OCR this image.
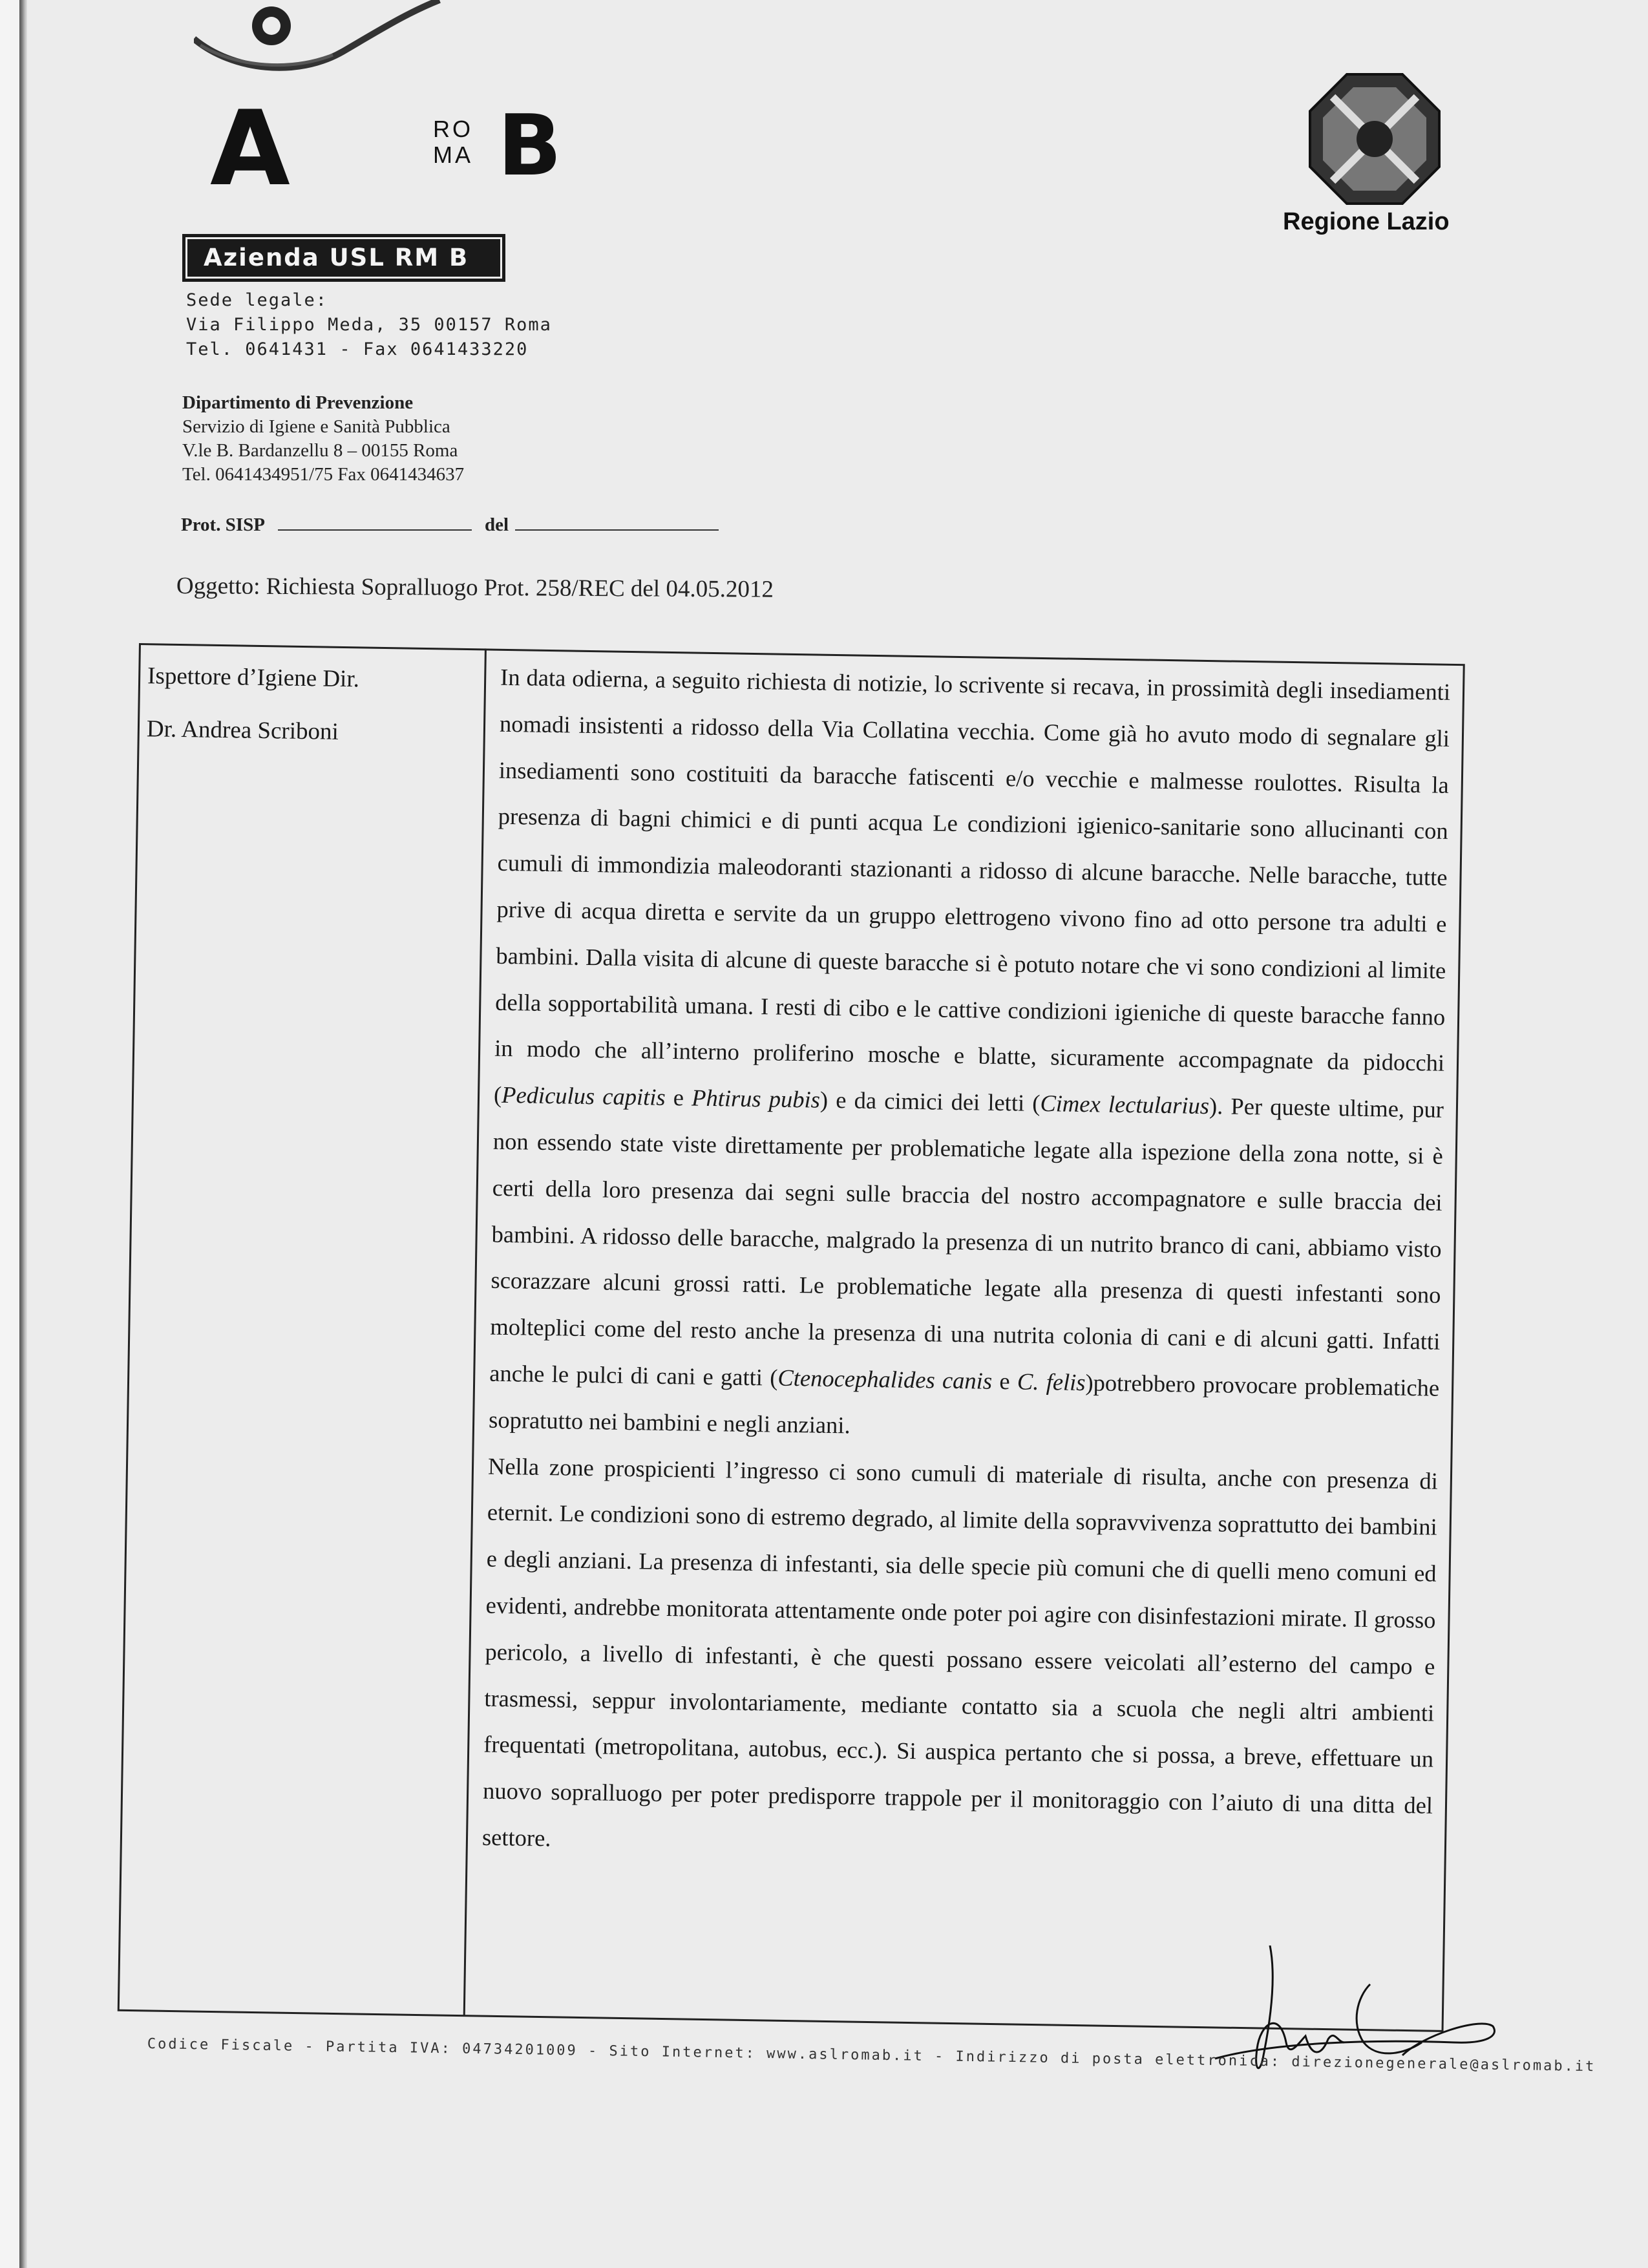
A	RO
MA B
Azienda USL RM B
Sede legale:
Via Filippo Meda, 35 00157 Roma
Tel. 0641431 - Fax 0641433220
Dipartimento di Prevenzione
Servizio di Igiene e Sanità Pubblica
V.le B. Bardanzellu 8 – 00155 Roma
Tel. 0641434951/75 Fax 0641434637
Prot. SISP	del
Oggetto: Richiesta Sopralluogo Prot. 258/REC del 04.05.2012
Regione Lazio
Ispettore d’Igiene Dir.
Dr. Andrea Scriboni

In data odierna, a seguito richiesta di notizie, lo scrivente si recava, in prossimità degli insediamenti nomadi insistenti a ridosso della Via Collatina vecchia. Come già ho avuto modo di segnalare gli insediamenti sono costituiti da baracche fatiscenti e/o vecchie e malmesse roulottes. Risulta la presenza di bagni chimici e di punti acqua Le condizioni igienico-sanitarie sono allucinanti con cumuli di immondizia maleodoranti stazionanti a ridosso di alcune baracche. Nelle baracche, tutte prive di acqua diretta e servite da un gruppo elettrogeno vivono fino ad otto persone tra adulti e bambini. Dalla visita di alcune di queste baracche si è potuto notare che vi sono condizioni al limite della sopportabilità umana. I resti di cibo e le cattive condizioni igieniche di queste baracche fanno in modo che all’interno proliferino mosche e blatte, sicuramente accompagnate da pidocchi (Pediculus capitis e Phtirus pubis) e da cimici dei letti (Cimex lectularius). Per queste ultime, pur non essendo state viste direttamente per problematiche legate alla ispezione della zona notte, si è certi della loro presenza dai segni sulle braccia del nostro accompagnatore e sulle braccia dei bambini. A ridosso delle baracche, malgrado la presenza di un nutrito branco di cani, abbiamo visto scorazzare alcuni grossi ratti. Le problematiche legate alla presenza di questi infestanti sono molteplici come del resto anche la presenza di una nutrita colonia di cani e di alcuni gatti. Infatti anche le pulci di cani e gatti (Ctenocephalides canis e C. felis)potrebbero provocare problematiche sopratutto nei bambini e negli anziani.

Nella zone prospicienti l’ingresso ci sono cumuli di materiale di risulta, anche con presenza di eternit. Le condizioni sono di estremo degrado, al limite della sopravvivenza soprattutto dei bambini e degli anziani. La presenza di infestanti, sia delle specie più comuni che di quelli meno comuni ed evidenti, andrebbe monitorata attentamente onde poter poi agire con disinfestazioni mirate. Il grosso pericolo, a livello di infestanti, è che questi possano essere veicolati all’esterno del campo e trasmessi, seppur involontariamente, mediante contatto sia a scuola che negli altri ambienti frequentati (metropolitana, autobus, ecc.). Si auspica pertanto che si possa, a breve, effettuare un nuovo sopralluogo per poter predisporre trappole per il monitoraggio con l’aiuto di una ditta del settore.

Codice Fiscale - Partita IVA: 04734201009 - Sito Internet: www.aslromab.it - Indirizzo di posta elettronica: direzionegenerale@aslromab.it
